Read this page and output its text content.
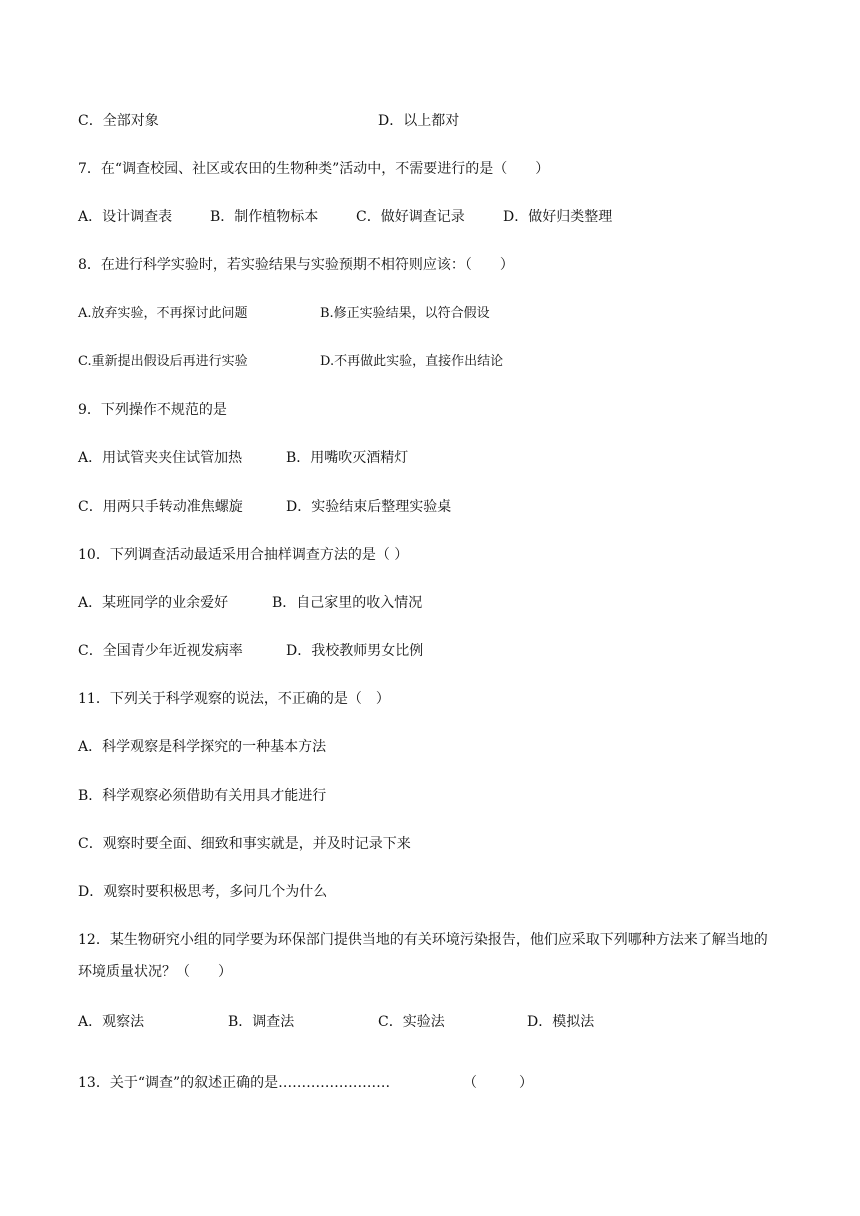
C．全部对象	D．以上都对
7．在“调查校园、社区或农田的生物种类”活动中，不需要进行的是（　　）
A．设计调查表	B．制作植物标本	C．做好调查记录	D．做好归类整理
8．在进行科学实验时，若实验结果与实验预期不相符则应该：（　　）
A.放弃实验，不再探讨此问题	B.修正实验结果，以符合假设
C.重新提出假设后再进行实验	D.不再做此实验，直接作出结论
9．下列操作不规范的是
A．用试管夹夹住试管加热	B．用嘴吹灭酒精灯
C．用两只手转动准焦螺旋	D．实验结束后整理实验桌
10．下列调查活动最适采用合抽样调查方法的是（ ）
A．某班同学的业余爱好	B．自己家里的收入情况
C．全国青少年近视发病率	D．我校教师男女比例
11．下列关于科学观察的说法，不正确的是（　）
A．科学观察是科学探究的一种基本方法
B．科学观察必须借助有关用具才能进行
C．观察时要全面、细致和事实就是，并及时记录下来
D．观察时要积极思考，多问几个为什么
12．某生物研究小组的同学要为环保部门提供当地的有关环境污染报告，他们应采取下列哪种方法来了解当地的环境质量状况？（　　）
A．观察法	B．调查法	C．实验法	D．模拟法
13．关于“调查”的叙述正确的是……………………	（　　　）
